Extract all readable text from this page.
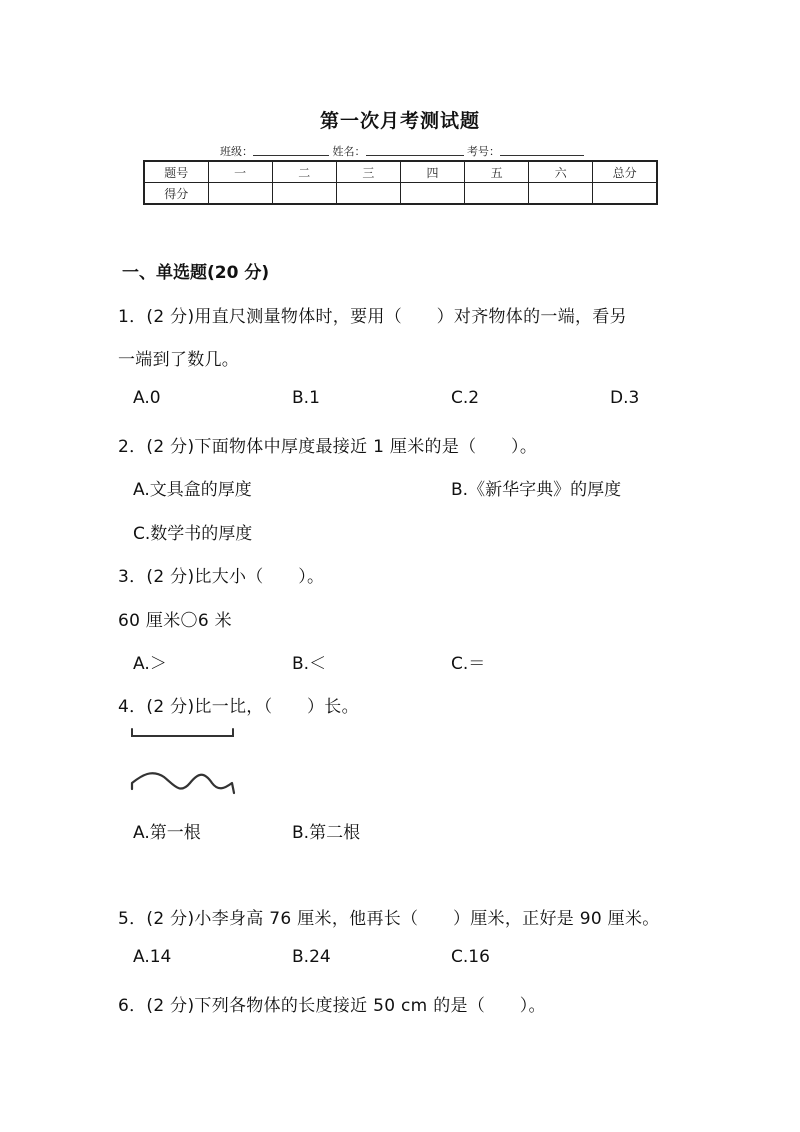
第一次月考测试题
班级：	姓名：	考号：
题号	一	二	三	四	五	六	总分
得分							
一、单选题(20 分)
1．(2 分)用直尺测量物体时，要用（　　）对齐物体的一端，看另
一端到了数几。
A.0	B.1	C.2	D.3
2．(2 分)下面物体中厚度最接近 1 厘米的是（　　）。
A.文具盒的厚度	B.《新华字典》的厚度
C.数学书的厚度
3．(2 分)比大小（　　）。
60 厘米〇6 米
A.＞	B.＜	C.＝
4．(2 分)比一比，（　　）长。
A.第一根	B.第二根
5．(2 分)小李身高 76 厘米，他再长（　　）厘米，正好是 90 厘米。
A.14	B.24	C.16
6．(2 分)下列各物体的长度接近 50 cm 的是（　　）。
